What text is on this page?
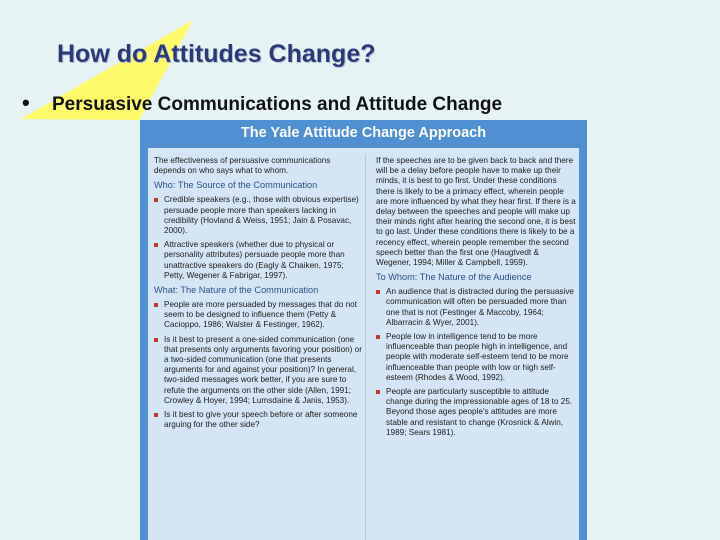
How do Attitudes Change?
• Persuasive Communications and Attitude Change
The Yale Attitude Change Approach

The effectiveness of persuasive communications depends on who says what to whom.

Who: The Source of the Communication
Credible speakers (e.g., those with obvious expertise) persuade people more than speakers lacking in credibility (Hovland & Weiss, 1951; Jain & Posavac, 2000).
Attractive speakers (whether due to physical or personality attributes) persuade people more than unattractive speakers do (Eagly & Chaiken, 1975; Petty, Wegener & Fabrigar, 1997).
What: The Nature of the Communication
People are more persuaded by messages that do not seem to be designed to influence them (Petty & Cacioppo, 1986; Walster & Festinger, 1962).
Is it best to present a one-sided communication (one that presents only arguments favoring your position) or a two-sided communication (one that presents arguments for and against your position)? In general, two-sided messages work better, if you are sure to refute the arguments on the other side (Allen, 1991; Crowley & Hoyer, 1994; Lumsdaine & Janis, 1953).
Is it best to give your speech before or after someone arguing for the other side?

If the speeches are to be given back to back and there will be a delay before people have to make up their minds, it is best to go first. Under these conditions there is likely to be a primacy effect, wherein people are more influenced by what they hear first. If there is a delay between the speeches and people will make up their minds right after hearing the second one, it is best to go last. Under these conditions there is likely to be a recency effect, wherein people remember the second speech better than the first one (Haugtvedt & Wegener, 1994; Miller & Campbell, 1959).

To Whom: The Nature of the Audience
An audience that is distracted during the persuasive communication will often be persuaded more than one that is not (Festinger & Maccoby, 1964; Albarracin & Wyer, 2001).
People low in intelligence tend to be more influenceable than people high in intelligence, and people with moderate self-esteem tend to be more influenceable than people with low or high self-esteem (Rhodes & Wood, 1992).
People are particularly susceptible to attitude change during the impressionable ages of 18 to 25. Beyond those ages people's attitudes are more stable and resistant to change (Krosnick & Alwin, 1989; Sears 1981).
